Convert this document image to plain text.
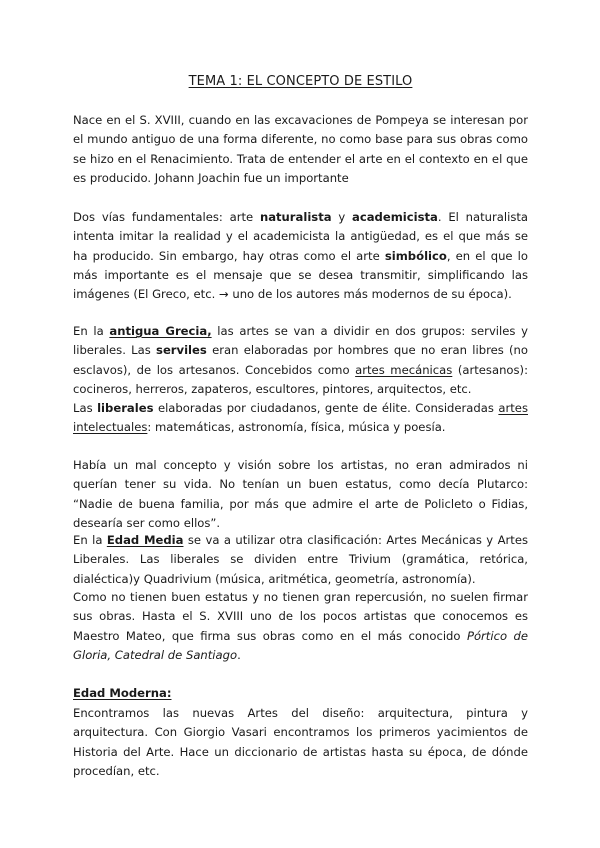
TEMA 1: EL CONCEPTO DE ESTILO
Nace en el S. XVIII, cuando en las excavaciones de Pompeya se interesan por el mundo antiguo de una forma diferente, no como base para sus obras como se hizo en el Renacimiento. Trata de entender el arte en el contexto en el que es producido. Johann Joachin fue un importante
Dos vías fundamentales: arte naturalista y academicista. El naturalista intenta imitar la realidad y el academicista la antigüedad, es el que más se ha producido. Sin embargo, hay otras como el arte simbólico, en el que lo más importante es el mensaje que se desea transmitir, simplificando las imágenes (El Greco, etc. → uno de los autores más modernos de su época).
En la antigua Grecia, las artes se van a dividir en dos grupos: serviles y liberales. Las serviles eran elaboradas por hombres que no eran libres (no esclavos), de los artesanos. Concebidos como artes mecánicas (artesanos): cocineros, herreros, zapateros, escultores, pintores, arquitectos, etc.
Las liberales elaboradas por ciudadanos, gente de élite. Consideradas artes intelectuales: matemáticas, astronomía, física, música y poesía.
Había un mal concepto y visión sobre los artistas, no eran admirados ni querían tener su vida. No tenían un buen estatus, como decía Plutarco: “Nadie de buena familia, por más que admire el arte de Policleto o Fidias, desearía ser como ellos”.
En la Edad Media se va a utilizar otra clasificación: Artes Mecánicas y Artes Liberales. Las liberales se dividen entre Trivium (gramática, retórica, dialéctica)y Quadrivium (música, aritmética, geometría, astronomía).
Como no tienen buen estatus y no tienen gran repercusión, no suelen firmar sus obras. Hasta el S. XVIII uno de los pocos artistas que conocemos es Maestro Mateo, que firma sus obras como en el más conocido Pórtico de Gloria, Catedral de Santiago.
Edad Moderna:
Encontramos las nuevas Artes del diseño: arquitectura, pintura y arquitectura. Con Giorgio Vasari encontramos los primeros yacimientos de Historia del Arte. Hace un diccionario de artistas hasta su época, de dónde procedían, etc.
